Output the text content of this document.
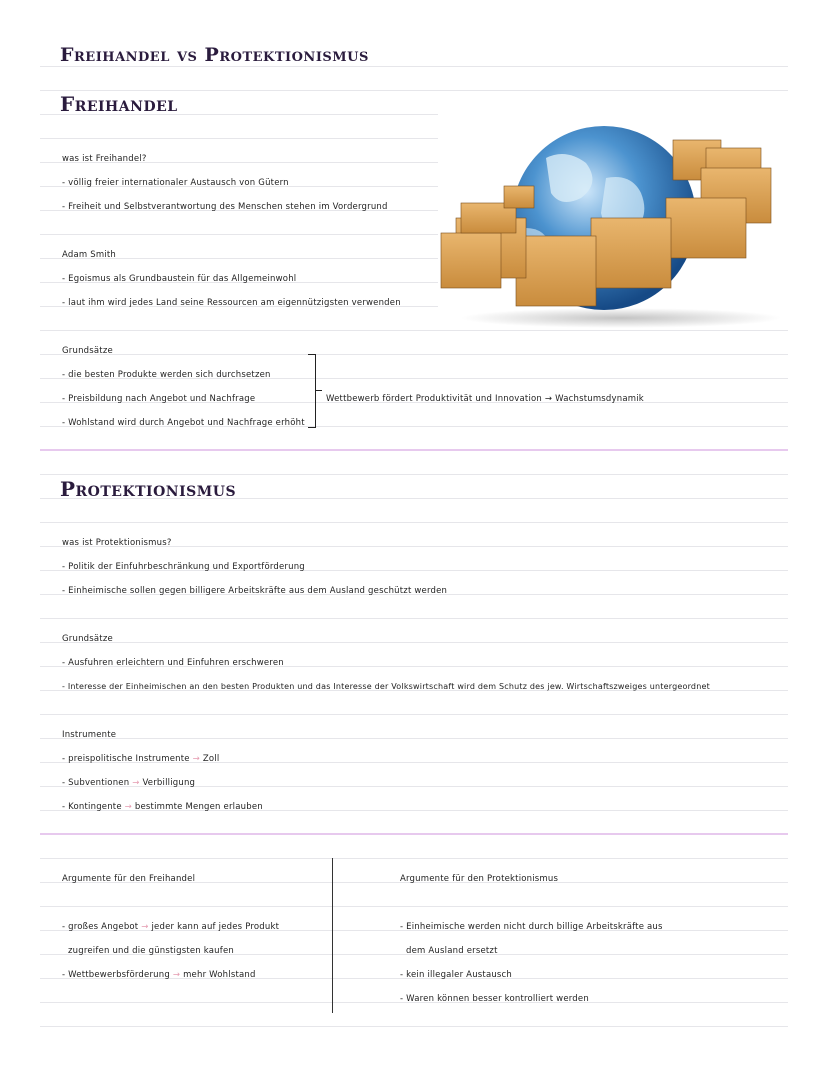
Freihandel vs Protektionismus
Freihandel
was ist Freihandel?
- völlig freier internationaler Austausch von Gütern
- Freiheit und Selbstverantwortung des Menschen stehen im Vordergrund
Adam Smith
- Egoismus als Grundbaustein für das Allgemeinwohl
- laut ihm wird jedes Land seine Ressourcen am eigennützigsten verwenden
Grundsätze
- die besten Produkte werden sich durchsetzen
- Preisbildung nach Angebot und Nachfrage
- Wohlstand wird durch Angebot und Nachfrage erhöht
Wettbewerb fördert Produktivität und Innovation → Wachstumsdynamik
Protektionismus
was ist Protektionismus?
- Politik der Einfuhrbeschränkung und Exportförderung
- Einheimische sollen gegen billigere Arbeitskräfte aus dem Ausland geschützt werden
Grundsätze
- Ausfuhren erleichtern und Einfuhren erschweren
- Interesse der Einheimischen an den besten Produkten und das Interesse der Volkswirtschaft wird dem Schutz des jew. Wirtschaftszweiges untergeordnet
Instrumente
- preispolitische Instrumente → Zoll
- Subventionen → Verbilligung
- Kontingente → bestimmte Mengen erlauben
Argumente für den Freihandel
- großes Angebot → jeder kann auf jedes Produkt
zugreifen und die günstigsten kaufen
- Wettbewerbsförderung → mehr Wohlstand
Argumente für den Protektionismus
- Einheimische werden nicht durch billige Arbeitskräfte aus
dem Ausland ersetzt
- kein illegaler Austausch
- Waren können besser kontrolliert werden
